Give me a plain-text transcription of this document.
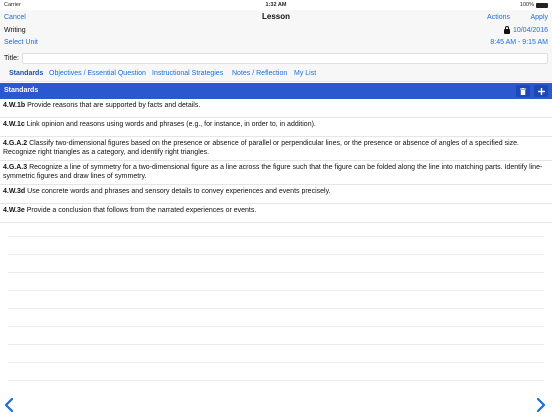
Carrier	1:32 AM	100%
Cancel	Lesson	Actions	Apply
Writing	10/04/2016
Select Unit	8:45 AM - 9:15 AM
Title:
Standards Objectives / Essential Question Instructional Strategies Notes / Reflection My List
Standards
4.W.1b Provide reasons that are supported by facts and details.
4.W.1c Link opinion and reasons using words and phrases (e.g., for instance, in order to, in addition).
4.G.A.2 Classify two-dimensional figures based on the presence or absence of parallel or perpendicular lines, or the presence or absence of angles of a specified size. Recognize right triangles as a category, and identify right triangles.
4.G.A.3 Recognize a line of symmetry for a two-dimensional figure as a line across the figure such that the figure can be folded along the line into matching parts. Identify line-symmetric figures and draw lines of symmetry.
4.W.3d Use concrete words and phrases and sensory details to convey experiences and events precisely.
4.W.3e Provide a conclusion that follows from the narrated experiences or events.
